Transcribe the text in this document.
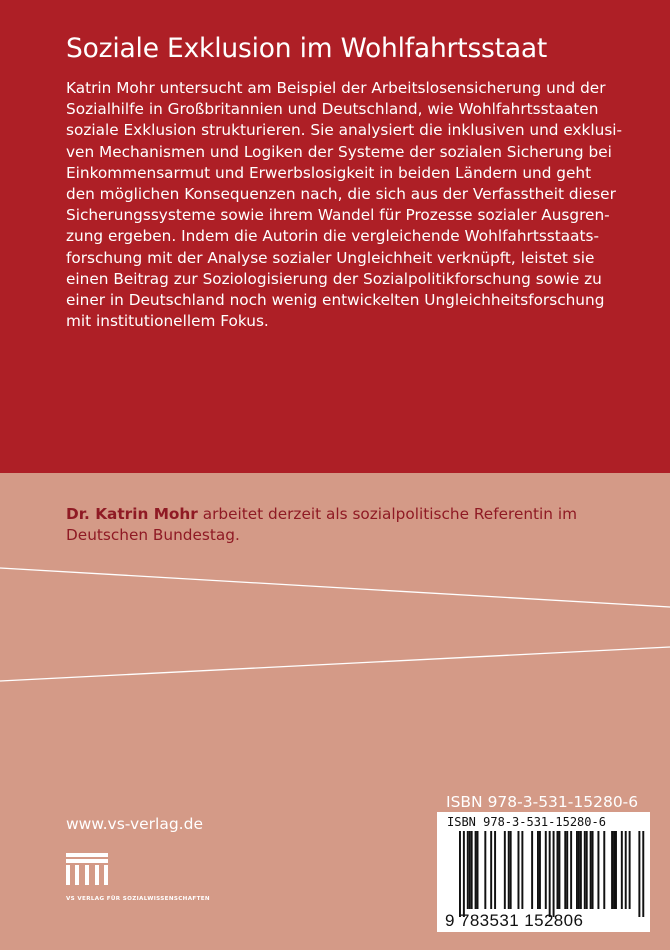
Soziale Exklusion im Wohlfahrtsstaat
Katrin Mohr untersucht am Beispiel der Arbeitslosensicherung und der
Sozialhilfe in Großbritannien und Deutschland, wie Wohlfahrtsstaaten
soziale Exklusion strukturieren. Sie analysiert die inklusiven und exklusi-
ven Mechanismen und Logiken der Systeme der sozialen Sicherung bei
Einkommensarmut und Erwerbslosigkeit in beiden Ländern und geht
den möglichen Konsequenzen nach, die sich aus der Verfasstheit dieser
Sicherungssysteme sowie ihrem Wandel für Prozesse sozialer Ausgren-
zung ergeben. Indem die Autorin die vergleichende Wohlfahrtsstaats-
forschung mit der Analyse sozialer Ungleichheit verknüpft, leistet sie
einen Beitrag zur Soziologisierung der Sozialpolitikforschung sowie zu
einer in Deutschland noch wenig entwickelten Ungleichheitsforschung
mit institutionellem Fokus.
Dr. Katrin Mohr arbeitet derzeit als sozialpolitische Referentin im
Deutschen Bundestag.
www.vs-verlag.de
VS VERLAG FÜR SOZIALWISSENSCHAFTEN
ISBN 978-3-531-15280-6
ISBN 978-3-531-15280-6
9 783531 152806
